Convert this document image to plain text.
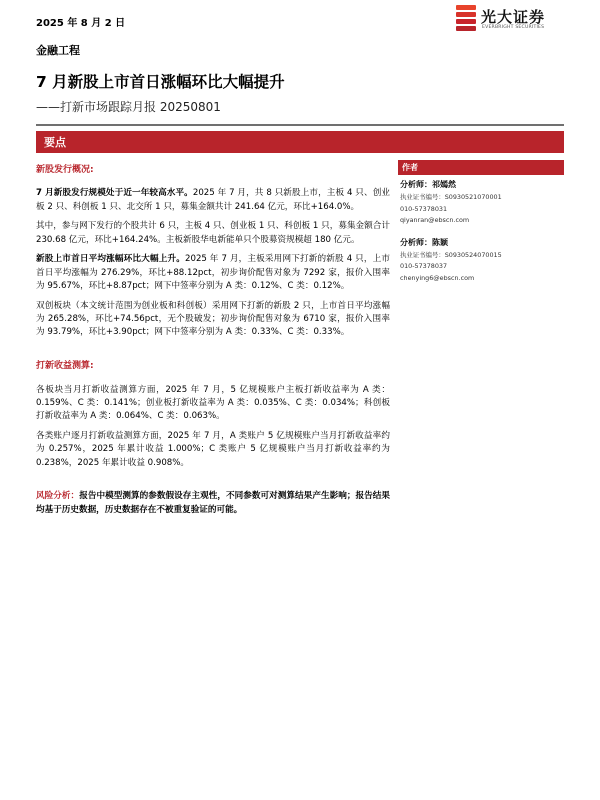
2025 年 8 月 2 日	光大证券
EVERBRIGHT SECURITIES
金融工程
7 月新股上市首日涨幅环比大幅提升
——打新市场跟踪月报 20250801
要点
新股发行概况:
7 月新股发行规模处于近一年较高水平。2025 年 7 月，共 8 只新股上市，主板 4 只、创业板 2 只、科创板 1 只、北交所 1 只，募集金额共计 241.64 亿元，环比+164.0%。
其中，参与网下发行的个股共计 6 只，主板 4 只、创业板 1 只、科创板 1 只，募集金额合计 230.68 亿元，环比+164.24%。主板新股华电新能单只个股募资规模超 180 亿元。
新股上市首日平均涨幅环比大幅上升。2025 年 7 月，主板采用网下打新的新股 4 只，上市首日平均涨幅为 276.29%，环比+88.12pct，初步询价配售对象为 7292 家，报价入围率为 95.67%，环比+8.87pct；网下中签率分别为 A 类：0.12%、C 类：0.12%。
双创板块（本文统计范围为创业板和科创板）采用网下打新的新股 2 只，上市首日平均涨幅为 265.28%，环比+74.56pct，无个股破发；初步询价配售对象为 6710 家，报价入围率为 93.79%，环比+3.90pct；网下中签率分别为 A 类：0.33%、C 类：0.33%。
打新收益测算:
各板块当月打新收益测算方面，2025 年 7 月，5 亿规模账户主板打新收益率为 A 类：0.159%、C 类：0.141%；创业板打新收益率为 A 类：0.035%、C 类：0.034%；科创板打新收益率为 A 类：0.064%、C 类：0.063%。
各类账户逐月打新收益测算方面，2025 年 7 月，A 类账户 5 亿规模账户当月打新收益率约为 0.257%，2025 年累计收益 1.000%；C 类账户 5 亿规模账户当月打新收益率约为 0.238%，2025 年累计收益 0.908%。
风险分析：报告中模型测算的参数假设存主观性，不同参数可对测算结果产生影响；报告结果均基于历史数据，历史数据存在不被重复验证的可能。
作者
分析师：祁嫣然
执业证书编号：S0930521070001
010-57378031
qiyanran@ebscn.com
分析师：陈颖
执业证书编号：S0930524070015
010-57378037
chenying6@ebscn.com
